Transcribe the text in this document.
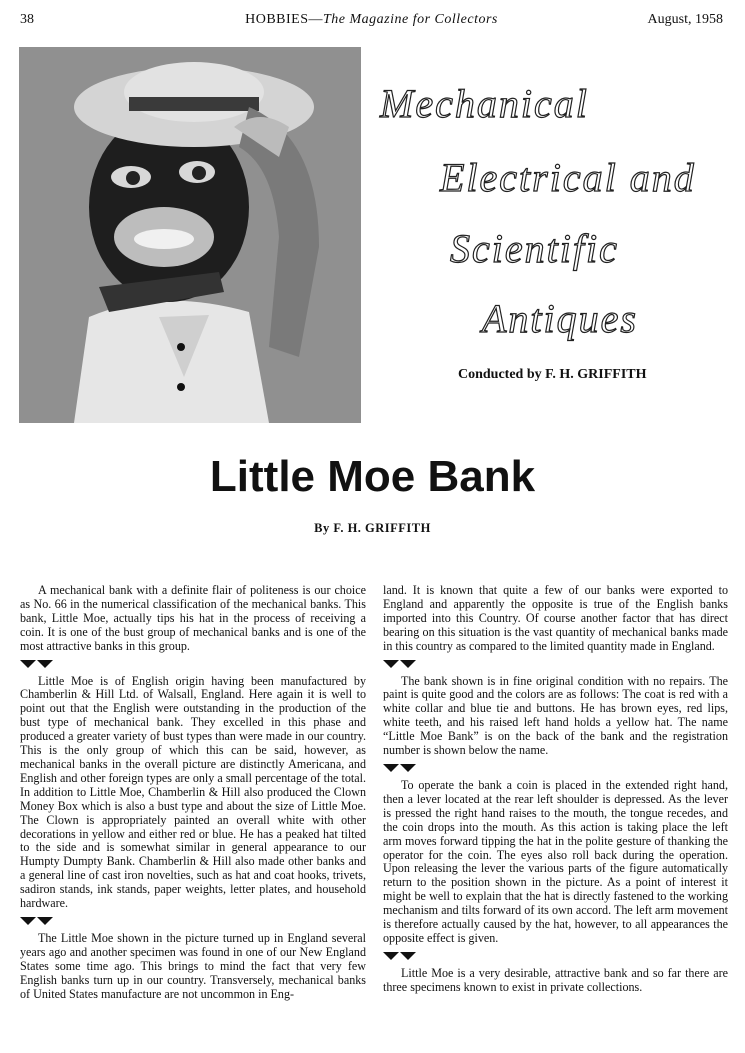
38	HOBBIES—The Magazine for Collectors	August, 1958
Mechanical
Electrical and
Scientific
Antiques
Conducted by F. H. GRIFFITH
Little Moe Bank
By F. H. GRIFFITH

A mechanical bank with a definite flair of politeness is our choice as No. 66 in the numerical classification of the mechanical banks. This bank, Little Moe, actually tips his hat in the process of receiving a coin. It is one of the bust group of mechanical banks and is one of the most attractive banks in this group.

Little Moe is of English origin having been manufactured by Chamberlin & Hill Ltd. of Walsall, England. Here again it is well to point out that the English were outstanding in the production of the bust type of mechanical bank. They excelled in this phase and produced a greater variety of bust types than were made in our country. This is the only group of which this can be said, however, as mechanical banks in the overall picture are distinctly Americana, and English and other foreign types are only a small percentage of the total. In addition to Little Moe, Chamberlin & Hill also produced the Clown Money Box which is also a bust type and about the size of Little Moe. The Clown is appropriately painted an overall white with other decorations in yellow and either red or blue. He has a peaked hat tilted to the side and is somewhat similar in general appearance to our Humpty Dumpty Bank. Chamberlin & Hill also made other banks and a general line of cast iron novelties, such as hat and coat hooks, trivets, sadiron stands, ink stands, paper weights, letter plates, and household hardware.

The Little Moe shown in the picture turned up in England several years ago and another specimen was found in one of our New England States some time ago. This brings to mind the fact that very few English banks turn up in our country. Transversely, mechanical banks of United States manufacture are not uncommon in Eng-

land. It is known that quite a few of our banks were exported to England and apparently the opposite is true of the English banks imported into this Country. Of course another factor that has direct bearing on this situation is the vast quantity of mechanical banks made in this country as compared to the limited quantity made in England.

The bank shown is in fine original condition with no repairs. The paint is quite good and the colors are as follows: The coat is red with a white collar and blue tie and buttons. He has brown eyes, red lips, white teeth, and his raised left hand holds a yellow hat. The name “Little Moe Bank” is on the back of the bank and the registration number is shown below the name.

To operate the bank a coin is placed in the extended right hand, then a lever located at the rear left shoulder is depressed. As the lever is pressed the right hand raises to the mouth, the tongue recedes, and the coin drops into the mouth. As this action is taking place the left arm moves forward tipping the hat in the polite gesture of thanking the operator for the coin. The eyes also roll back during the operation. Upon releasing the lever the various parts of the figure automatically return to the position shown in the picture. As a point of interest it might be well to explain that the hat is directly fastened to the working mechanism and tilts forward of its own accord. The left arm movement is therefore actually caused by the hat, however, to all appearances the opposite effect is given.

Little Moe is a very desirable, attractive bank and so far there are three specimens known to exist in private collections.
